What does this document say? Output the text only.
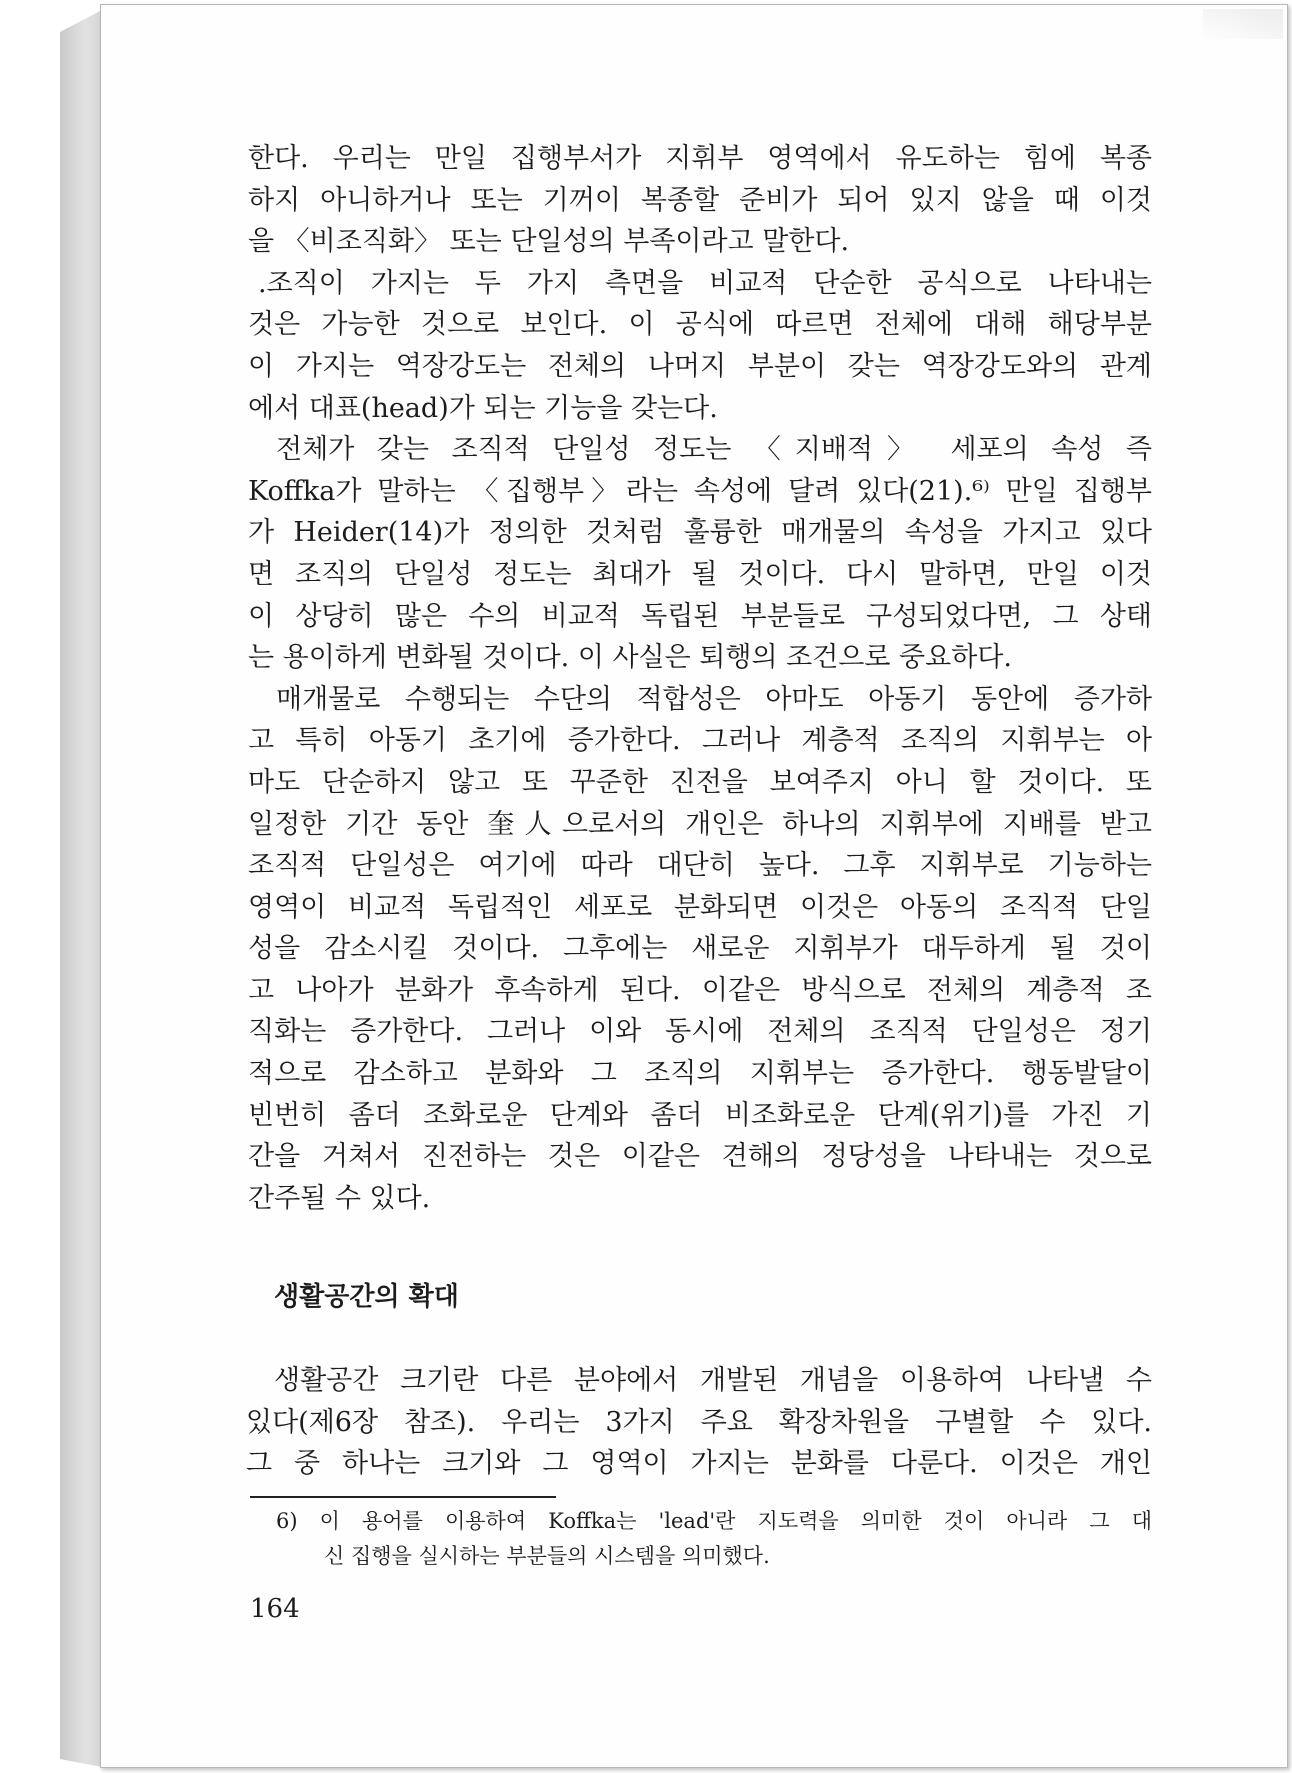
한다. 우리는 만일 집행부서가 지휘부 영역에서 유도하는 힘에 복종
하지 아니하거나 또는 기꺼이 복종할 준비가 되어 있지 않을 때 이것
을 〈비조직화〉 또는 단일성의 부족이라고 말한다.
.조직이 가지는 두 가지 측면을 비교적 단순한 공식으로 나타내는
것은 가능한 것으로 보인다. 이 공식에 따르면 전체에 대해 해당부분
이 가지는 역장강도는 전체의 나머지 부분이 갖는 역장강도와의 관계
에서 대표(head)가 되는 기능을 갖는다.
전체가 갖는 조직적 단일성 정도는 〈지배적〉 세포의 속성 즉
Koffka가 말하는 〈집행부〉라는 속성에 달려 있다(21).⁶⁾ 만일 집행부
가 Heider(14)가 정의한 것처럼 훌륭한 매개물의 속성을 가지고 있다
면 조직의 단일성 정도는 최대가 될 것이다. 다시 말하면, 만일 이것
이 상당히 많은 수의 비교적 독립된 부분들로 구성되었다면, 그 상태
는 용이하게 변화될 것이다. 이 사실은 퇴행의 조건으로 중요하다.
매개물로 수행되는 수단의 적합성은 아마도 아동기 동안에 증가하
고 특히 아동기 초기에 증가한다. 그러나 계층적 조직의 지휘부는 아
마도 단순하지 않고 또 꾸준한 진전을 보여주지 아니 할 것이다. 또
일정한 기간 동안 奎人으로서의 개인은 하나의 지휘부에 지배를 받고
조직적 단일성은 여기에 따라 대단히 높다. 그후 지휘부로 기능하는
영역이 비교적 독립적인 세포로 분화되면 이것은 아동의 조직적 단일
성을 감소시킬 것이다. 그후에는 새로운 지휘부가 대두하게 될 것이
고 나아가 분화가 후속하게 된다. 이같은 방식으로 전체의 계층적 조
직화는 증가한다. 그러나 이와 동시에 전체의 조직적 단일성은 정기
적으로 감소하고 분화와 그 조직의 지휘부는 증가한다. 행동발달이
빈번히 좀더 조화로운 단계와 좀더 비조화로운 단계(위기)를 가진 기
간을 거쳐서 진전하는 것은 이같은 견해의 정당성을 나타내는 것으로
간주될 수 있다.
생활공간의 확대
생활공간 크기란 다른 분야에서 개발된 개념을 이용하여 나타낼 수
있다(제6장 참조). 우리는 3가지 주요 확장차원을 구별할 수 있다.
그 중 하나는 크기와 그 영역이 가지는 분화를 다룬다. 이것은 개인
6) 이 용어를 이용하여 Koffka는 'lead'란 지도력을 의미한 것이 아니라 그 대
신 집행을 실시하는 부분들의 시스템을 의미했다.
164
